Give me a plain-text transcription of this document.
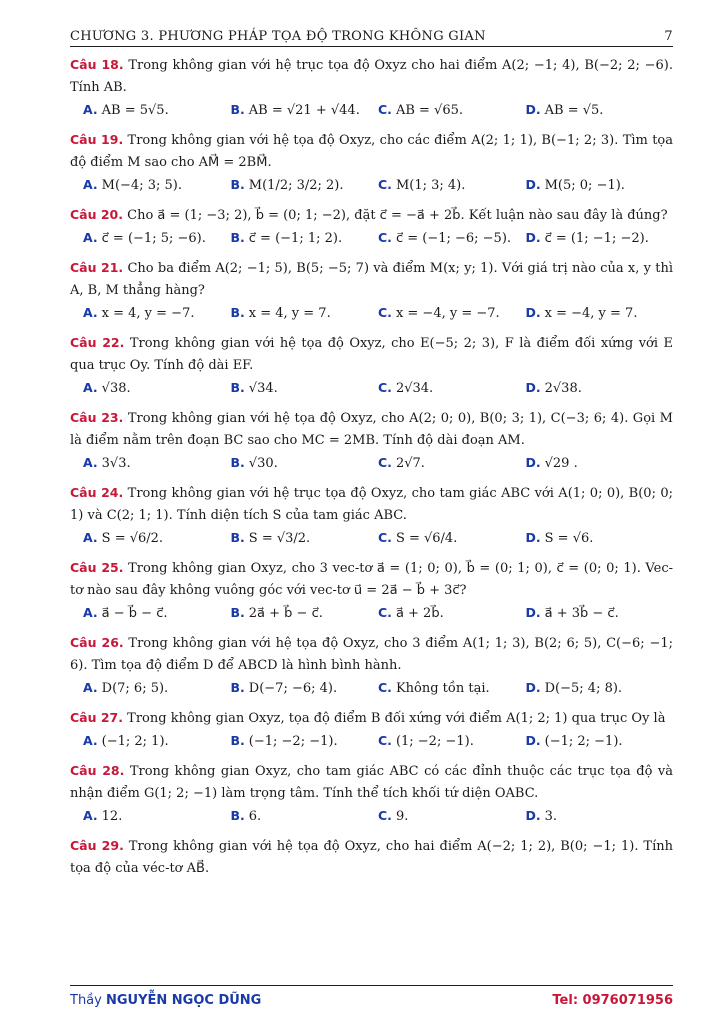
CHƯƠNG 3. PHƯƠNG PHÁP TỌA ĐỘ TRONG KHÔNG GIAN	7
Câu 18. Trong không gian với hệ trục tọa độ Oxyz cho hai điểm A(2; −1; 4), B(−2; 2; −6). Tính AB.
A. AB = 5√5.	B. AB = √21 + √44.	C. AB = √65.	D. AB = √5.
Câu 19. Trong không gian với hệ tọa độ Oxyz, cho các điểm A(2; 1; 1), B(−1; 2; 3). Tìm tọa độ điểm M sao cho AM⃗ = 2BM⃗.
A. M(−4; 3; 5).	B. M(1/2; 3/2; 2).	C. M(1; 3; 4).	D. M(5; 0; −1).
Câu 20. Cho a⃗ = (1; −3; 2), b⃗ = (0; 1; −2), đặt c⃗ = −a⃗ + 2b⃗. Kết luận nào sau đây là đúng?
A. c⃗ = (−1; 5; −6).	B. c⃗ = (−1; 1; 2).	C. c⃗ = (−1; −6; −5).	D. c⃗ = (1; −1; −2).
Câu 21. Cho ba điểm A(2; −1; 5), B(5; −5; 7) và điểm M(x; y; 1). Với giá trị nào của x, y thì A, B, M thẳng hàng?
A. x = 4, y = −7.	B. x = 4, y = 7.	C. x = −4, y = −7.	D. x = −4, y = 7.
Câu 22. Trong không gian với hệ tọa độ Oxyz, cho E(−5; 2; 3), F là điểm đối xứng với E qua trục Oy. Tính độ dài EF.
A. √38.	B. √34.	C. 2√34.	D. 2√38.
Câu 23. Trong không gian với hệ tọa độ Oxyz, cho A(2; 0; 0), B(0; 3; 1), C(−3; 6; 4). Gọi M là điểm nằm trên đoạn BC sao cho MC = 2MB. Tính độ dài đoạn AM.
A. 3√3.	B. √30.	C. 2√7.	D. √29 .
Câu 24. Trong không gian với hệ trục tọa độ Oxyz, cho tam giác ABC với A(1; 0; 0), B(0; 0; 1) và C(2; 1; 1). Tính diện tích S của tam giác ABC.
A. S = √6/2.	B. S = √3/2.	C. S = √6/4.	D. S = √6.
Câu 25. Trong không gian Oxyz, cho 3 vec-tơ a⃗ = (1; 0; 0), b⃗ = (0; 1; 0), c⃗ = (0; 0; 1). Vec-tơ nào sau đây không vuông góc với vec-tơ u⃗ = 2a⃗ − b⃗ + 3c⃗?
A. a⃗ − b⃗ − c⃗.	B. 2a⃗ + b⃗ − c⃗.	C. a⃗ + 2b⃗.	D. a⃗ + 3b⃗ − c⃗.
Câu 26. Trong không gian với hệ tọa độ Oxyz, cho 3 điểm A(1; 1; 3), B(2; 6; 5), C(−6; −1; 6). Tìm tọa độ điểm D để ABCD là hình bình hành.
A. D(7; 6; 5).	B. D(−7; −6; 4).	C. Không tồn tại.	D. D(−5; 4; 8).
Câu 27. Trong không gian Oxyz, tọa độ điểm B đối xứng với điểm A(1; 2; 1) qua trục Oy là
A. (−1; 2; 1).	B. (−1; −2; −1).	C. (1; −2; −1).	D. (−1; 2; −1).
Câu 28. Trong không gian Oxyz, cho tam giác ABC có các đỉnh thuộc các trục tọa độ và nhận điểm G(1; 2; −1) làm trọng tâm. Tính thể tích khối tứ diện OABC.
A. 12.	B. 6.	C. 9.	D. 3.
Câu 29. Trong không gian với hệ tọa độ Oxyz, cho hai điểm A(−2; 1; 2), B(0; −1; 1). Tính tọa độ của véc-tơ AB⃗.
Thầy NGUYỄN NGỌC DŨNG	Tel: 0976071956
